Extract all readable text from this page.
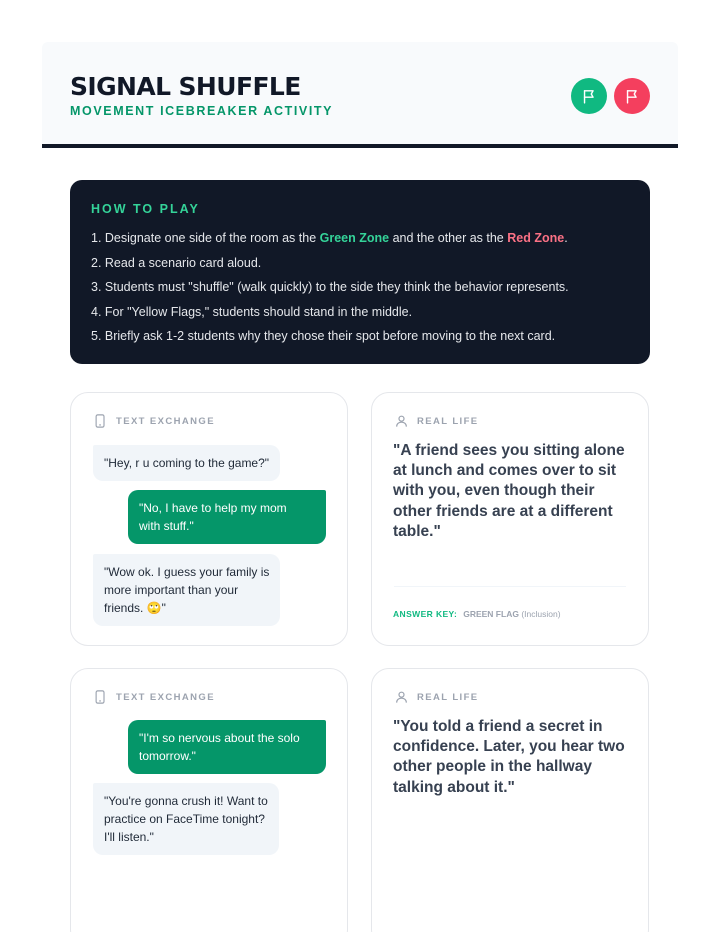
SIGNAL SHUFFLE
MOVEMENT ICEBREAKER ACTIVITY
HOW TO PLAY
1. Designate one side of the room as the Green Zone and the other as the Red Zone.
2. Read a scenario card aloud.
3. Students must "shuffle" (walk quickly) to the side they think the behavior represents.
4. For "Yellow Flags," students should stand in the middle.
5. Briefly ask 1-2 students why they chose their spot before moving to the next card.
TEXT EXCHANGE
"Hey, r u coming to the game?"
"No, I have to help my mom
with stuff."
"Wow ok. I guess your family is
more important than your
friends. 🙄"
REAL LIFE
"A friend sees you sitting alone at lunch and comes over to sit with you, even though their other friends are at a different table."
ANSWER KEY: GREEN FLAG (Inclusion)
TEXT EXCHANGE
"I'm so nervous about the solo
tomorrow."
"You're gonna crush it! Want to
practice on FaceTime tonight?
I'll listen."
REAL LIFE
"You told a friend a secret in confidence. Later, you hear two other people in the hallway talking about it."
